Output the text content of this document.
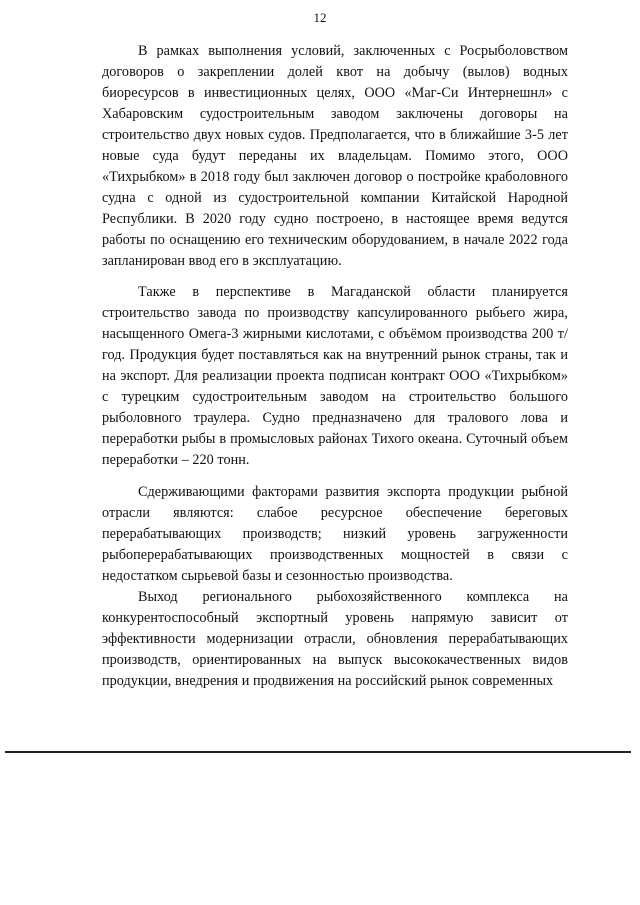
12

В рамках выполнения условий, заключенных с Росрыболовством договоров о закреплении долей квот на добычу (вылов) водных биоресурсов в инвестиционных целях, ООО «Маг-Си Интернешнл» с Хабаровским судостроительным заводом заключены договоры на строительство двух новых судов. Предполагается, что в ближайшие 3-5 лет новые суда будут переданы их владельцам. Помимо этого, ООО «Тихрыбком» в 2018 году был заключен договор о постройке краболовного судна с одной из судостроительной компании Китайской Народной Республики. В 2020 году судно построено, в настоящее время ведутся работы по оснащению его техническим оборудованием, в начале 2022 года запланирован ввод его в эксплуатацию.

Также в перспективе в Магаданской области планируется строительство завода по производству капсулированного рыбьего жира, насыщенного Омега-3 жирными кислотами, с объёмом производства 200 т/год. Продукция будет поставляться как на внутренний рынок страны, так и на экспорт. Для реализации проекта подписан контракт ООО «Тихрыбком» с турецким судостроительным заводом на строительство большого рыболовного траулера. Судно предназначено для тралового лова и переработки рыбы в промысловых районах Тихого океана. Суточный объем переработки – 220 тонн.

Сдерживающими факторами развития экспорта продукции рыбной отрасли являются: слабое ресурсное обеспечение береговых перерабатывающих производств; низкий уровень загруженности рыбоперерабатывающих производственных мощностей в связи с недостатком сырьевой базы и сезонностью производства.

Выход регионального рыбохозяйственного комплекса на конкурентоспособный экспортный уровень напрямую зависит от эффективности модернизации отрасли, обновления перерабатывающих производств, ориентированных на выпуск высококачественных видов продукции, внедрения и продвижения на российский рынок современных
